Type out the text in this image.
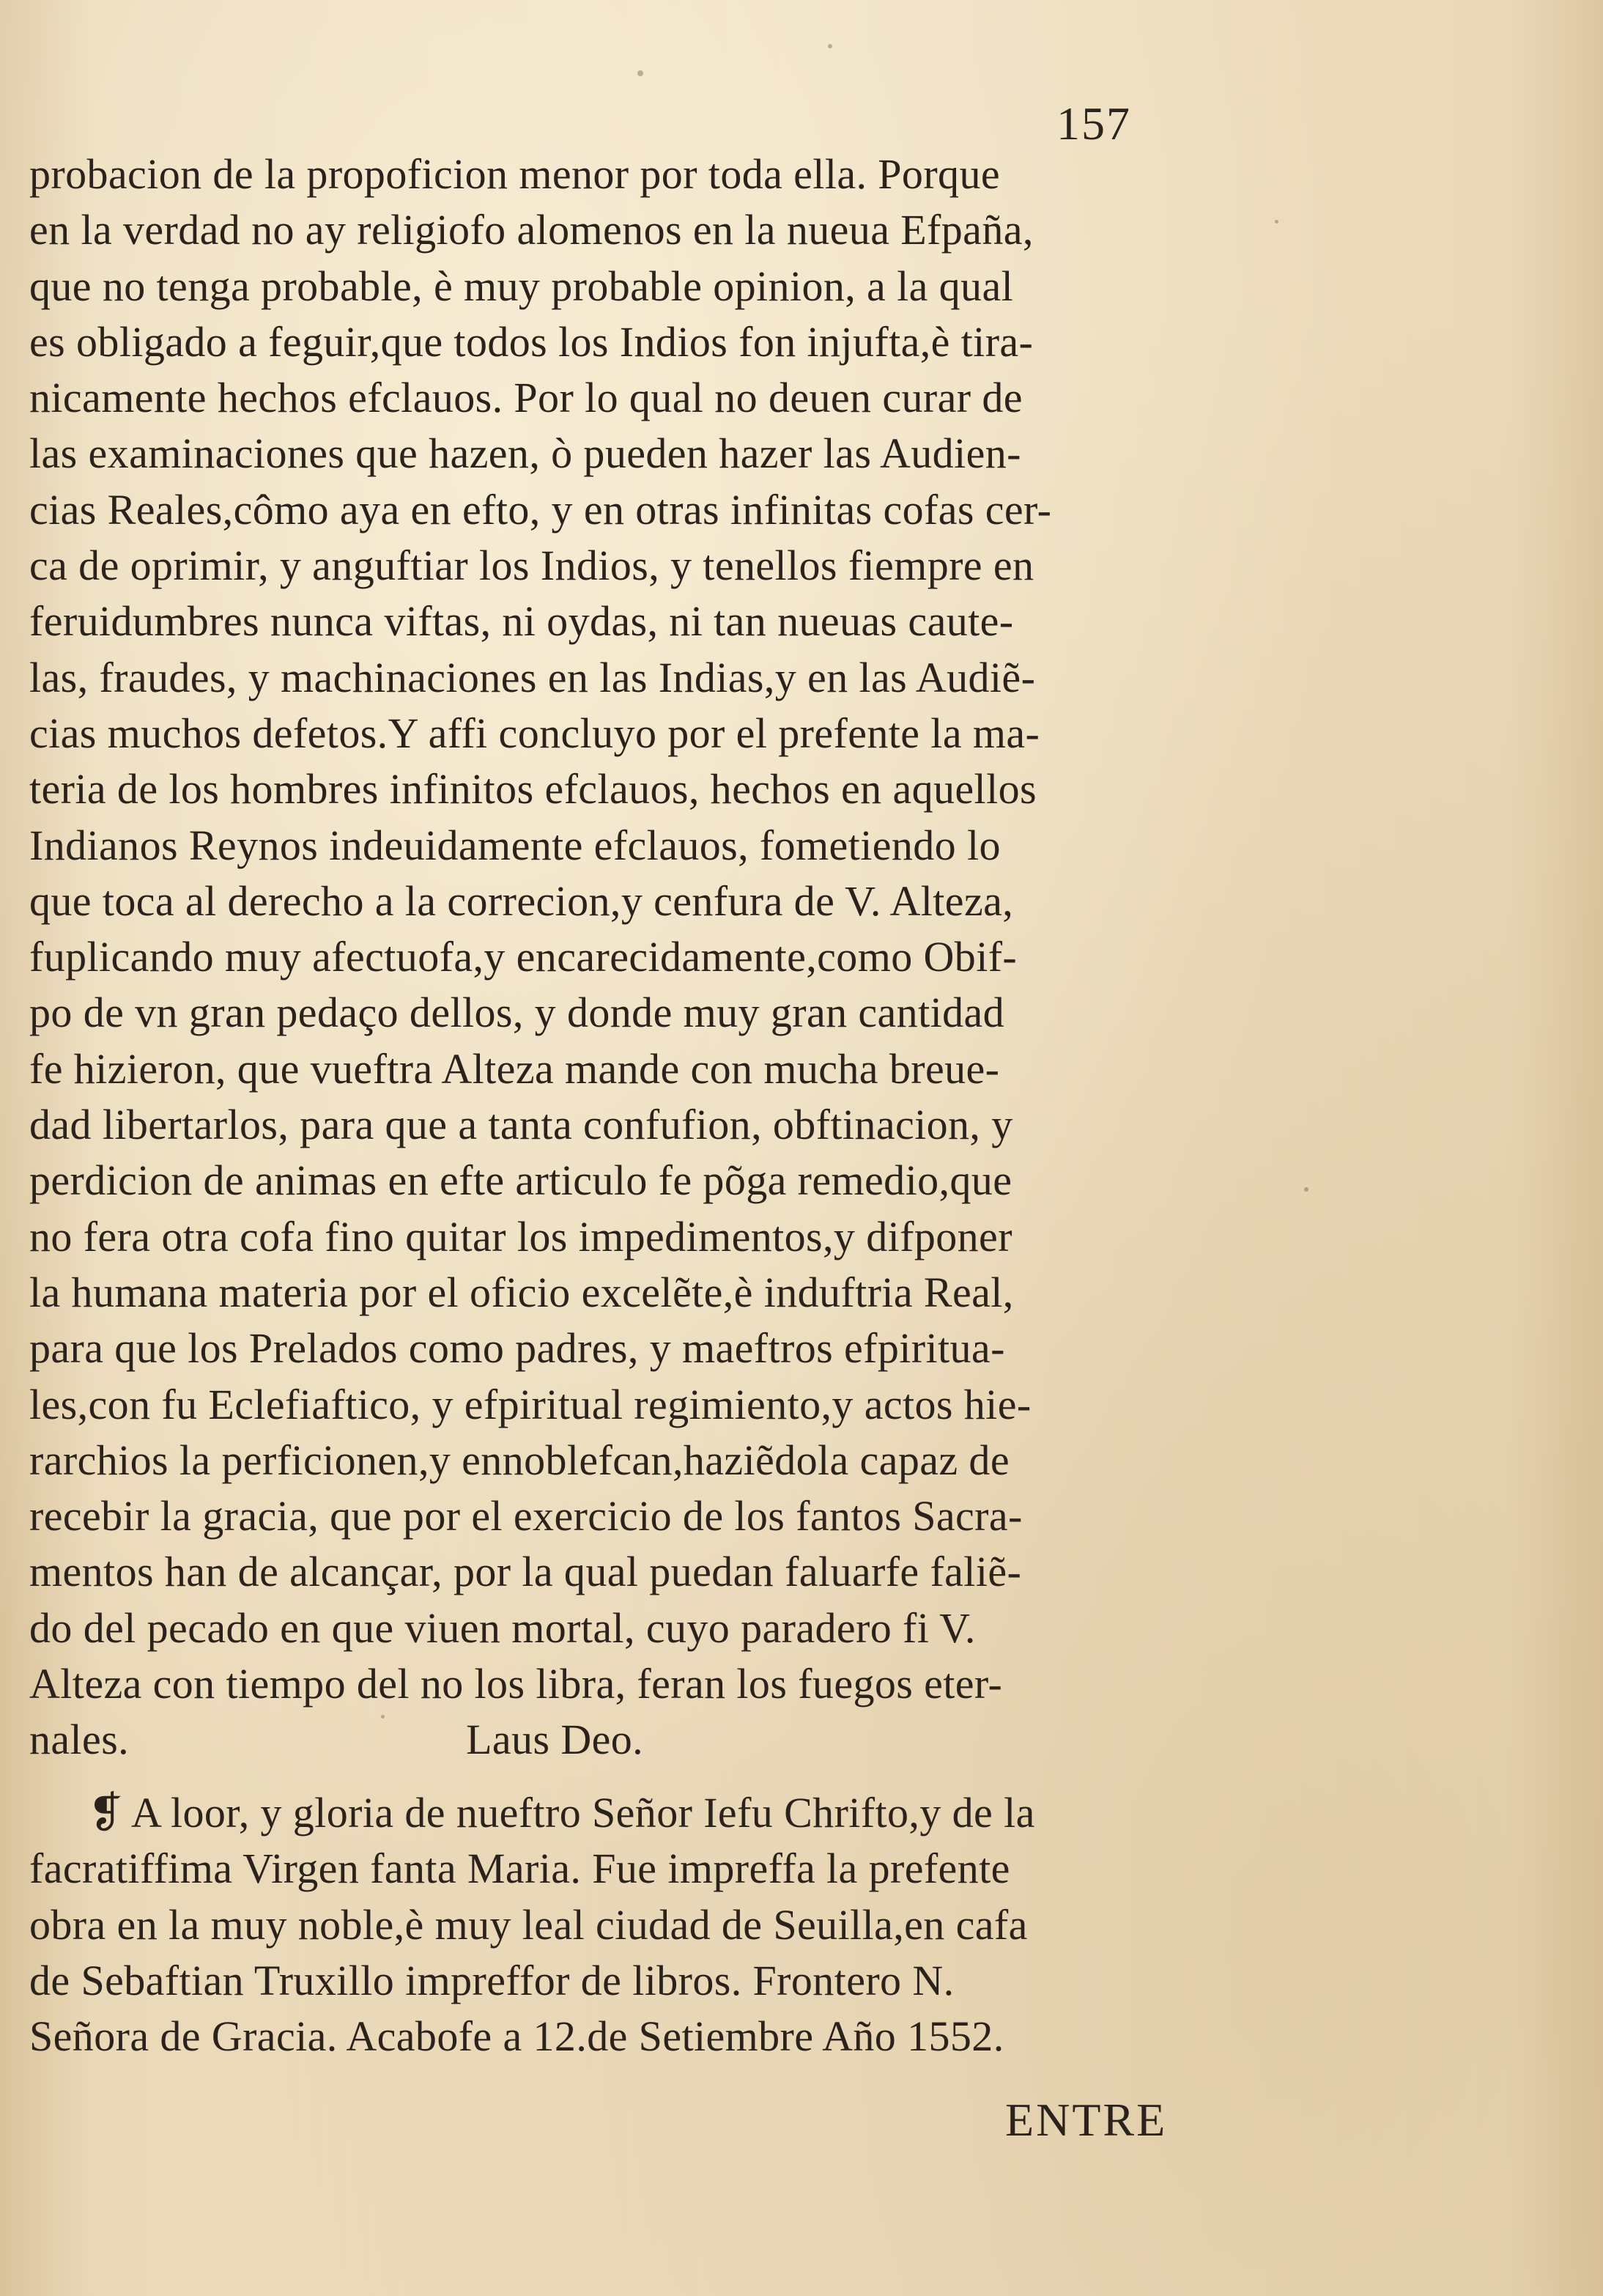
157
probacion de la propoficion menor por toda ella. Porque
en la verdad no ay religiofo alomenos en la nueua Efpaña,
que no tenga probable, è muy probable opinion, a la qual
es obligado a feguir,que todos los Indios fon injufta,è tira-
nicamente hechos efclauos. Por lo qual no deuen curar de
las examinaciones que hazen, ò pueden hazer las Audien-
cias Reales,cômo aya en efto, y en otras infinitas cofas cer-
ca de oprimir, y anguftiar los Indios, y tenellos fiempre en
feruidumbres nunca viftas, ni oydas, ni tan nueuas caute-
las, fraudes, y machinaciones en las Indias,y en las Audiẽ-
cias muchos defetos.Y affi concluyo por el prefente la ma-
teria de los hombres infinitos efclauos, hechos en aquellos
Indianos Reynos indeuidamente efclauos, fometiendo lo
que toca al derecho a la correcion,y cenfura de V. Alteza,
fuplicando muy afectuofa,y encarecidamente,como Obif-
po de vn gran pedaço dellos, y donde muy gran cantidad
fe hizieron, que vueftra Alteza mande con mucha breue-
dad libertarlos, para que a tanta confufion, obftinacion, y
perdicion de animas en efte articulo fe põga remedio,que
no fera otra cofa fino quitar los impedimentos,y difponer
la humana materia por el oficio excelẽte,è induftria Real,
para que los Prelados como padres, y maeftros efpiritua-
les,con fu Eclefiaftico, y efpiritual regimiento,y actos hie-
rarchios la perficionen,y ennoblefcan,haziẽdola capaz de
recebir la gracia, que por el exercicio de los fantos Sacra-
mentos han de alcançar, por la qual puedan faluarfe faliẽ-
do del pecado en que viuen mortal, cuyo paradero fi V.
Alteza con tiempo del no los libra, feran los fuegos eter-
nales.	Laus Deo.
❡ A loor, y gloria de nueftro Señor Iefu Chrifto,y de la
facratiffima Virgen fanta Maria. Fue impreffa la prefente
obra en la muy noble,è muy leal ciudad de Seuilla,en cafa
de Sebaftian Truxillo impreffor de libros. Frontero N.
Señora de Gracia. Acabofe a 12.de Setiembre Año 1552.
ENTRE
